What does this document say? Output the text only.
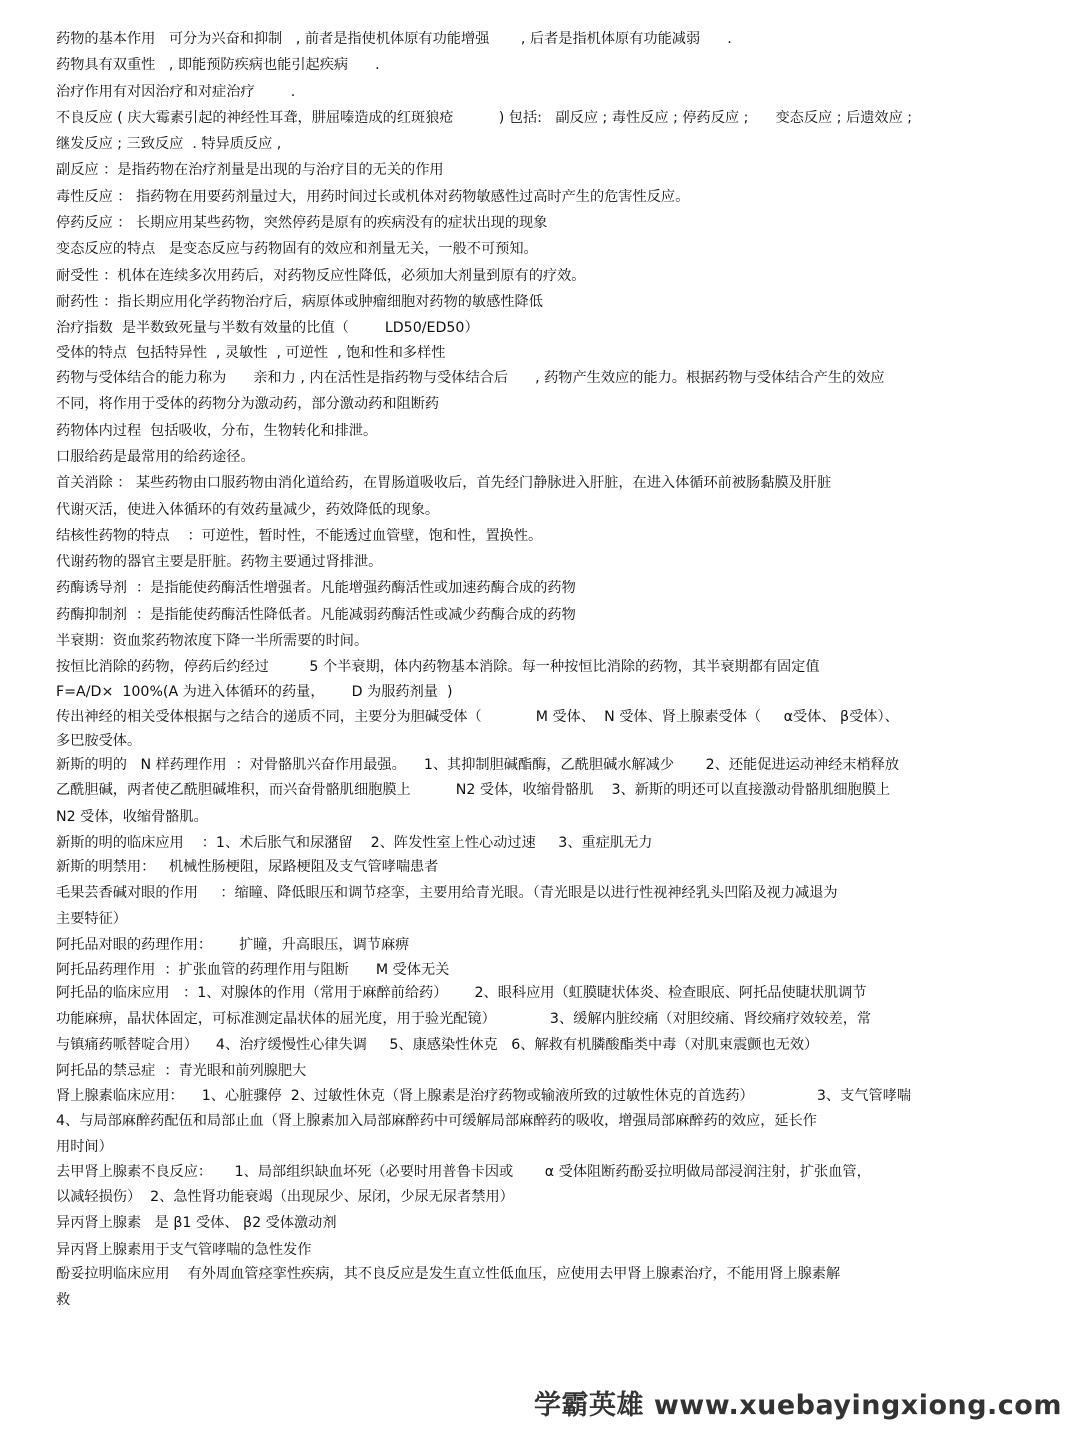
药物的基本作用   可分为兴奋和抑制   , 前者是指使机体原有功能增强       , 后者是指机体原有功能减弱      .
药物具有双重性   , 即能预防疾病也能引起疾病      .
治疗作用有对因治疗和对症治疗        .
不良反应 ( 庆大霉素引起的神经性耳聋，肼屈嗪造成的红斑狼疮          ) 包括:   副反应 ; 毒性反应 ; 停药反应 ;      变态反应 ; 后遗效应 ;
继发反应 ; 三致反应  . 特异质反应 ,
副反应 ：是指药物在治疗剂量是出现的与治疗目的无关的作用
毒性反应 ： 指药物在用要药剂量过大，用药时间过长或机体对药物敏感性过高时产生的危害性反应。
停药反应 ： 长期应用某些药物，突然停药是原有的疾病没有的症状出现的现象
变态反应的特点   是变态反应与药物固有的效应和剂量无关，一般不可预知。
耐受性 ：机体在连续多次用药后，对药物反应性降低，必须加大剂量到原有的疗效。
耐药性 ：指长期应用化学药物治疗后，病原体或肿瘤细胞对药物的敏感性降低
治疗指数  是半数致死量与半数有效量的比值（        LD50/ED50）
受体的特点  包括特异性  , 灵敏性  , 可逆性  , 饱和性和多样性
药物与受体结合的能力称为      亲和力 , 内在活性是指药物与受体结合后      , 药物产生效应的能力。根据药物与受体结合产生的效应
不同，将作用于受体的药物分为激动药，部分激动药和阻断药
药物体内过程  包括吸收，分布，生物转化和排泄。
口服给药是最常用的给药途径。
首关消除 ： 某些药物由口服药物由消化道给药，在胃肠道吸收后，首先经门静脉进入肝脏，在进入体循环前被肠黏膜及肝脏
代谢灭活，使进入体循环的有效药量减少，药效降低的现象。
结核性药物的特点    ：可逆性，暂时性，不能透过血管壁，饱和性，置换性。
代谢药物的器官主要是肝脏。药物主要通过肾排泄。
药酶诱导剂  ：是指能使药酶活性增强者。凡能增强药酶活性或加速药酶合成的药物
药酶抑制剂  ：是指能使药酶活性降低者。凡能减弱药酶活性或减少药酶合成的药物
半衰期：资血浆药物浓度下降一半所需要的时间。
按恒比消除的药物，停药后约经过         5 个半衰期，体内药物基本消除。每一种按恒比消除的药物，其半衰期都有固定值
F=A/D×  100%(A 为进入体循环的药量，      D 为服药剂量  )
传出神经的相关受体根据与之结合的递质不同，主要分为胆碱受体（            M 受体、  N 受体、肾上腺素受体（     α受体、 β受体）、
多巴胺受体。
新斯的明的   N 样药理作用  ：对骨骼肌兴奋作用最强。    1、其抑制胆碱酯酶，乙酰胆碱水解减少       2、还能促进运动神经末梢释放
乙酰胆碱，两者使乙酰胆碱堆积，而兴奋骨骼肌细胞膜上          N2 受体，收缩骨骼肌    3、新斯的明还可以直接激动骨骼肌细胞膜上
N2 受体，收缩骨骼肌。
新斯的明的临床应用    ：1、术后胀气和尿潴留    2、阵发性室上性心动过速     3、重症肌无力
新斯的明禁用：   机械性肠梗阻，尿路梗阻及支气管哮喘患者
毛果芸香碱对眼的作用     ：缩瞳、降低眼压和调节痉挛，主要用给青光眼。（青光眼是以进行性视神经乳头凹陷及视力减退为
主要特征）
阿托品对眼的药理作用：      扩瞳，升高眼压，调节麻痹
阿托品药理作用  ：扩张血管的药理作用与阻断      M 受体无关
阿托品的临床应用   ：1、对腺体的作用（常用于麻醉前给药）      2、眼科应用（虹膜睫状体炎、检查眼底、阿托品使睫状肌调节
功能麻痹，晶状体固定，可标准测定晶状体的屈光度，用于验光配镜）            3、缓解内脏绞痛（对胆绞痛、肾绞痛疗效较差，常
与镇痛药哌替啶合用）    4、治疗缓慢性心律失调     5、康感染性休克   6、解救有机膦酸酯类中毒（对肌束震颤也无效）
阿托品的禁忌症  ：青光眼和前列腺肥大
肾上腺素临床应用：    1、心脏骤停  2、过敏性休克（肾上腺素是治疗药物或输液所致的过敏性休克的首选药）              3、支气管哮喘
4、与局部麻醉药配伍和局部止血（肾上腺素加入局部麻醉药中可缓解局部麻醉药的吸收，增强局部麻醉药的效应，延长作
用时间）
去甲肾上腺素不良反应：     1、局部组织缺血坏死（必要时用普鲁卡因或       α 受体阻断药酚妥拉明做局部浸润注射，扩张血管，
以减轻损伤）  2、急性肾功能衰竭（出现尿少、尿闭，少尿无尿者禁用）
异丙肾上腺素   是 β1 受体、 β2 受体激动剂
异丙肾上腺素用于支气管哮喘的急性发作
酚妥拉明临床应用    有外周血管痉挛性疾病，其不良反应是发生直立性低血压，应使用去甲肾上腺素治疗，不能用肾上腺素解
救
学霸英雄 www.xuebayingxiong.com
